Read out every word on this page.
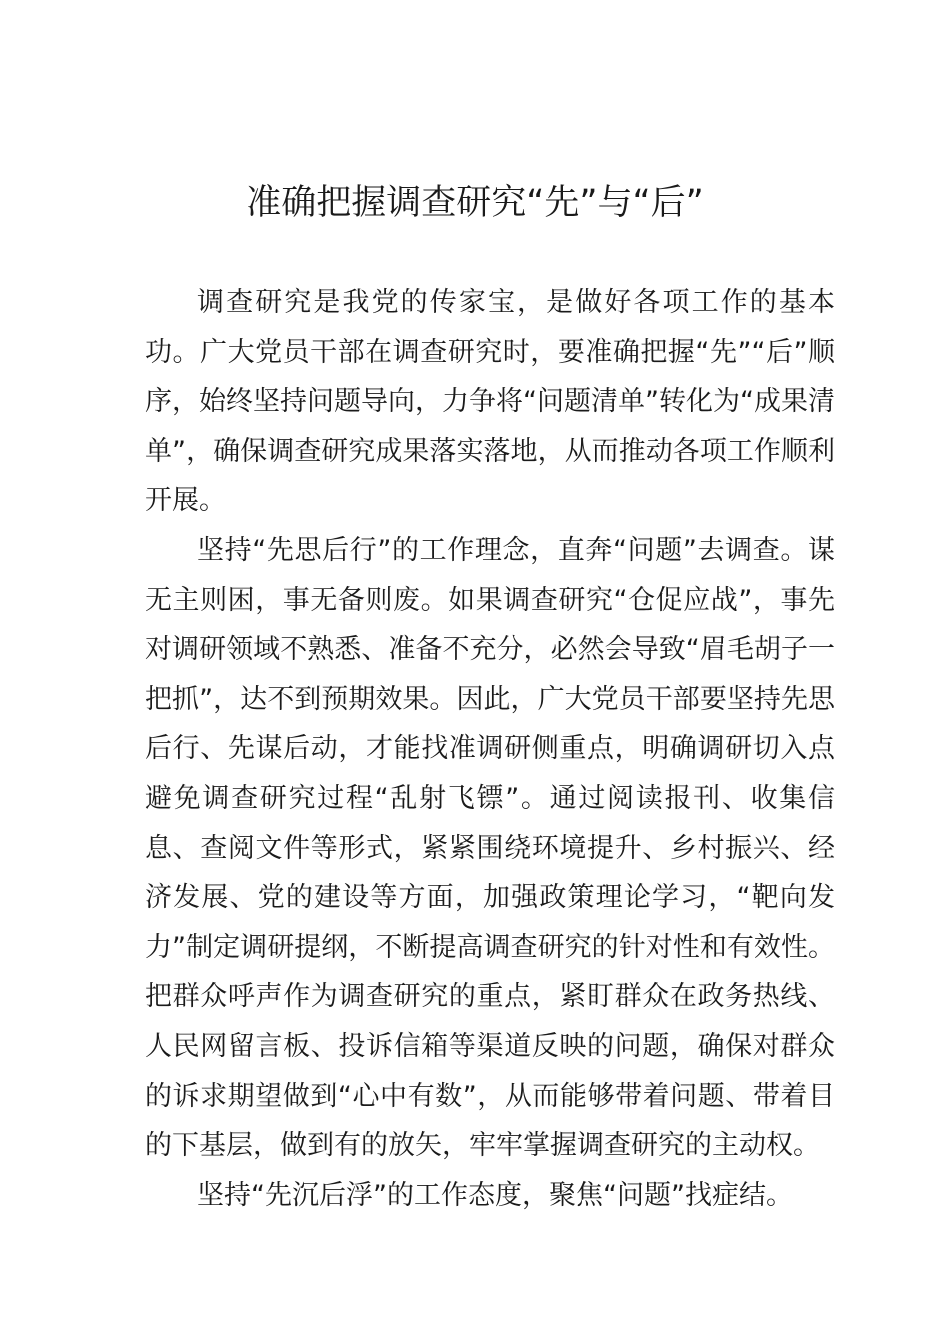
准确把握调查研究“先”与“后”

调查研究是我党的传家宝，是做好各项工作的基本功。广大党员干部在调查研究时，要准确把握“先”“后”顺序，始终坚持问题导向，力争将“问题清单”转化为“成果清单”，确保调查研究成果落实落地，从而推动各项工作顺利开展。

坚持“先思后行”的工作理念，直奔“问题”去调查。谋无主则困，事无备则废。如果调查研究“仓促应战”，事先对调研领域不熟悉、准备不充分，必然会导致“眉毛胡子一把抓”，达不到预期效果。因此，广大党员干部要坚持先思后行、先谋后动，才能找准调研侧重点，明确调研切入点避免调查研究过程“乱射飞镖”。通过阅读报刊、收集信息、查阅文件等形式，紧紧围绕环境提升、乡村振兴、经济发展、党的建设等方面，加强政策理论学习，“靶向发力”制定调研提纲，不断提高调查研究的针对性和有效性。把群众呼声作为调查研究的重点，紧盯群众在政务热线、人民网留言板、投诉信箱等渠道反映的问题，确保对群众的诉求期望做到“心中有数”，从而能够带着问题、带着目的下基层，做到有的放矢，牢牢掌握调查研究的主动权。

坚持“先沉后浮”的工作态度，聚焦“问题”找症结。
